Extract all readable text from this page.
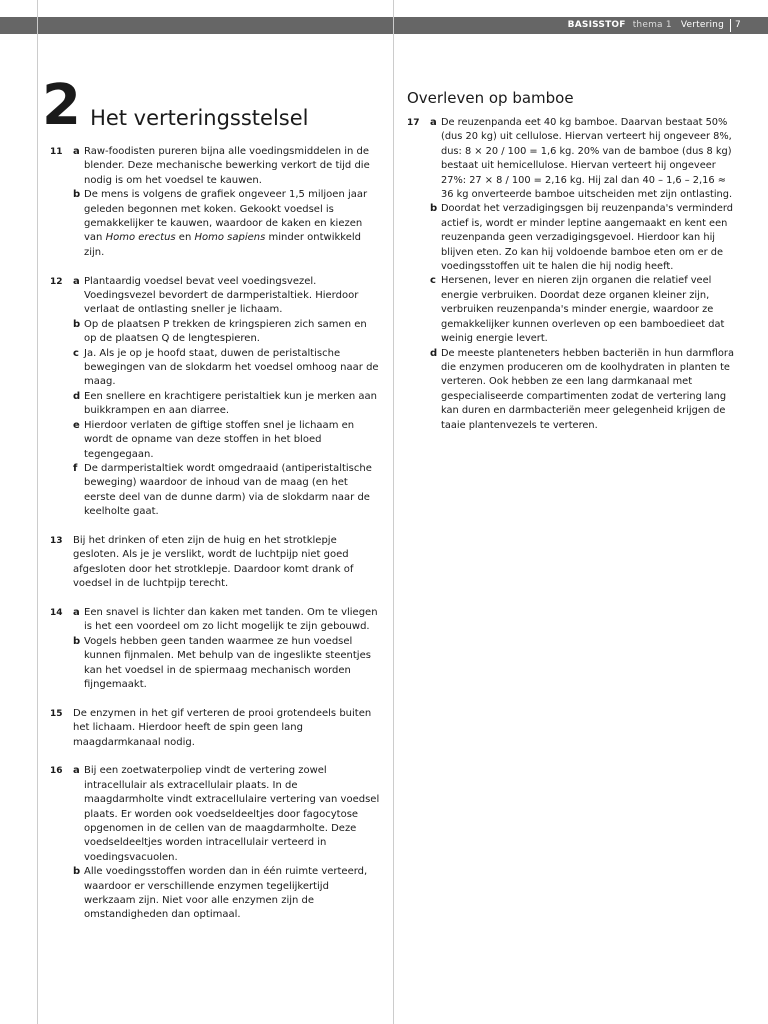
BASISSTOF thema 1 Vertering 7
2 Het verteringsstelsel
Overleven op bamboe
11 a Raw-foodisten pureren bijna alle voedingsmiddelen in de blender. Deze mechanische bewerking verkort de tijd die nodig is om het voedsel te kauwen.
b De mens is volgens de grafiek ongeveer 1,5 miljoen jaar geleden begonnen met koken. Gekookt voedsel is gemakkelijker te kauwen, waardoor de kaken en kiezen van Homo erectus en Homo sapiens minder ontwikkeld zijn.
12 a Plantaardig voedsel bevat veel voedingsvezel. Voedingsvezel bevordert de darmperistaltiek. Hierdoor verlaat de ontlasting sneller je lichaam.
b Op de plaatsen P trekken de kringspieren zich samen en op de plaatsen Q de lengtespieren.
c Ja. Als je op je hoofd staat, duwen de peristaltische bewegingen van de slokdarm het voedsel omhoog naar de maag.
d Een snellere en krachtigere peristaltiek kun je merken aan buikkrampen en aan diarree.
e Hierdoor verlaten de giftige stoffen snel je lichaam en wordt de opname van deze stoffen in het bloed tegengegaan.
f De darmperistaltiek wordt omgedraaid (antiperistaltische beweging) waardoor de inhoud van de maag (en het eerste deel van de dunne darm) via de slokdarm naar de keelholte gaat.
13 Bij het drinken of eten zijn de huig en het strotklepje gesloten. Als je je verslikt, wordt de luchtpijp niet goed afgesloten door het strotklepje. Daardoor komt drank of voedsel in de luchtpijp terecht.
14 a Een snavel is lichter dan kaken met tanden. Om te vliegen is het een voordeel om zo licht mogelijk te zijn gebouwd.
b Vogels hebben geen tanden waarmee ze hun voedsel kunnen fijnmalen. Met behulp van de ingeslikte steentjes kan het voedsel in de spiermaag mechanisch worden fijngemaakt.
15 De enzymen in het gif verteren de prooi grotendeels buiten het lichaam. Hierdoor heeft de spin geen lang maagdarmkanaal nodig.
16 a Bij een zoetwaterpoliep vindt de vertering zowel intracellulair als extracellulair plaats. In de maagdarmholte vindt extracellulaire vertering van voedsel plaats. Er worden ook voedseldeeltjes door fagocytose opgenomen in de cellen van de maagdarmholte. Deze voedseldeeltjes worden intracellulair verteerd in voedingsvacuolen.
b Alle voedingsstoffen worden dan in één ruimte verteerd, waardoor er verschillende enzymen tegelijkertijd werkzaam zijn. Niet voor alle enzymen zijn de omstandigheden dan optimaal.
17 a De reuzenpanda eet 40 kg bamboe. Daarvan bestaat 50% (dus 20 kg) uit cellulose. Hiervan verteert hij ongeveer 8%, dus: 8 × 20 / 100 = 1,6 kg. 20% van de bamboe (dus 8 kg) bestaat uit hemicellulose. Hiervan verteert hij ongeveer 27%: 27 × 8 / 100 = 2,16 kg. Hij zal dan 40 – 1,6 – 2,16 ≈ 36 kg onverteerde bamboe uitscheiden met zijn ontlasting.
b Doordat het verzadigingsgen bij reuzenpanda's verminderd actief is, wordt er minder leptine aangemaakt en kent een reuzenpanda geen verzadigingsgevoel. Hierdoor kan hij blijven eten. Zo kan hij voldoende bamboe eten om er de voedingsstoffen uit te halen die hij nodig heeft.
c Hersenen, lever en nieren zijn organen die relatief veel energie verbruiken. Doordat deze organen kleiner zijn, verbruiken reuzenpanda's minder energie, waardoor ze gemakkelijker kunnen overleven op een bamboedieet dat weinig energie levert.
d De meeste planteneters hebben bacteriën in hun darmflora die enzymen produceren om de koolhydraten in planten te verteren. Ook hebben ze een lang darmkanaal met gespecialiseerde compartimenten zodat de vertering lang kan duren en darmbacteriën meer gelegenheid krijgen de taaie plantenvezels te verteren.
